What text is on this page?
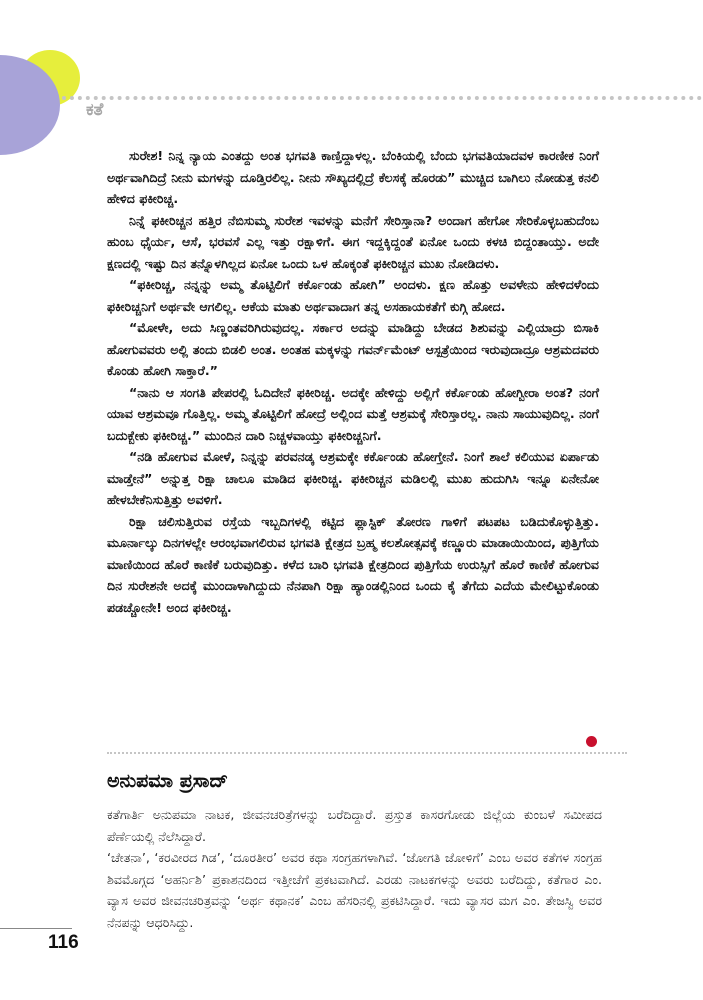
ಕತೆ

ಸುರೇಶ! ನಿನ್ನ ನ್ಯಾಯ ಎಂತದ್ದು ಅಂತ ಭಗವತಿ ಕಾಣ್ತಿದ್ದಾಳಲ್ಲ. ಬೆಂಕಿಯಲ್ಲಿ ಬೆಂದು ಭಗವತಿಯಾದವಳ ಕಾರಣೀಕ ನಿಂಗೆ ಅರ್ಥವಾಗಿದಿದ್ರೆ ನೀನು ಮಗಳನ್ನು ದೂಡ್ತಿರಲಿಲ್ಲ. ನೀನು ಸೌಖ್ಯದಲ್ಲಿದ್ರೆ ಕೆಲಸಕ್ಕೆ ಹೊರಡು” ಮುಚ್ಚಿದ ಬಾಗಿಲು ನೋಡುತ್ತ ಕನಲಿ ಹೇಳಿದ ಫಕೀರಿಚ್ಚ.

ನಿನ್ನೆ ಫಕೀರಿಚ್ಚನ ಹತ್ತಿರ ನೆಬಿಸುಮ್ಮ ಸುರೇಶ ಇವಳನ್ನು ಮನೆಗೆ ಸೇರಿಸ್ತಾನಾ? ಅಂದಾಗ ಹೇಗೋ ಸೇರಿಕೊಳ್ಳಬಹುದೆಂಬ ಹುಂಬ ಧೈರ್ಯ, ಆಸೆ, ಭರವಸೆ ಎಲ್ಲ ಇತ್ತು ರಕ್ಷಾಳಿಗೆ. ಈಗ ಇದ್ದಕ್ಕಿದ್ದಂತೆ ಏನೋ ಒಂದು ಕಳಚಿ ಬಿದ್ದಂತಾಯ್ತು. ಅದೇ ಕ್ಷಣದಲ್ಲಿ ಇಷ್ಟು ದಿನ ತನ್ನೊಳಗಿಲ್ಲದ ಏನೋ ಒಂದು ಒಳ ಹೊಕ್ಕಂತೆ ಫಕೀರಿಚ್ಚನ ಮುಖ ನೋಡಿದಳು.

“ಫಕೀರಿಚ್ಚ, ನನ್ನನ್ನು ಅಮ್ಮ ತೊಟ್ಟಿಲಿಗೆ ಕರ್ಕೊಂಡು ಹೋಗಿ” ಅಂದಳು. ಕ್ಷಣ ಹೊತ್ತು ಅವಳೇನು ಹೇಳಿದಳೆಂದು ಫಕೀರಿಚ್ಚನಿಗೆ ಅರ್ಥವೇ ಆಗಲಿಲ್ಲ. ಆಕೆಯ ಮಾತು ಅರ್ಥವಾದಾಗ ತನ್ನ ಅಸಹಾಯಕತೆಗೆ ಕುಗ್ಗಿ ಹೋದ.

“ಮೋಳೇ, ಅದು ಸಿಣ್ಣಂತವರಿಗಿರುವುದಲ್ಲ. ಸರ್ಕಾರ ಅದನ್ನು ಮಾಡಿದ್ದು ಬೇಡದ ಶಿಶುವನ್ನು ಎಲ್ಲಿಯಾದ್ರು ಬಿಸಾಕಿ ಹೋಗುವವರು ಅಲ್ಲಿ ತಂದು ಬಿಡಲಿ ಅಂತ. ಅಂತಹ ಮಕ್ಕಳನ್ನು ಗವರ್ನ್‌ಮೆಂಟ್ ಆಸ್ಪತ್ರೆಯಿಂದ ಇರುವುದಾದ್ರೂ ಆಶ್ರಮದವರು ಕೊಂಡು ಹೋಗಿ ಸಾಕ್ತಾರೆ.”

“ನಾನು ಆ ಸಂಗತಿ ಪೇಪರಲ್ಲಿ ಓದಿದೇನೆ ಫಕೀರಿಚ್ಚ. ಅದಕ್ಕೇ ಹೇಳಿದ್ದು ಅಲ್ಲಿಗೆ ಕರ್ಕೊಂಡು ಹೋಗ್ಬೀರಾ ಅಂತ? ನಂಗೆ ಯಾವ ಆಶ್ರಮವೂ ಗೊತ್ತಿಲ್ಲ. ಅಮ್ಮ ತೊಟ್ಟಿಲಿಗೆ ಹೋದ್ರೆ ಅಲ್ಲಿಂದ ಮತ್ತೆ ಆಶ್ರಮಕ್ಕೆ ಸೇರಿಸ್ತಾರಲ್ಲ. ನಾನು ಸಾಯುವುದಿಲ್ಲ. ನಂಗೆ ಬದುಕ್ಬೇಕು ಫಕೀರಿಚ್ಚ.” ಮುಂದಿನ ದಾರಿ ನಿಚ್ಚಳವಾಯ್ತು ಫಕೀರಿಚ್ಚನಿಗೆ.

“ನಡಿ ಹೋಗುವ ಮೋಳೆ, ನಿನ್ನನ್ನು ಪರವನಡ್ಕ ಆಶ್ರಮಕ್ಕೇ ಕರ್ಕೊಂಡು ಹೋಗ್ತೇನೆ. ನಿಂಗೆ ಶಾಲೆ ಕಲಿಯುವ ಏರ್ಪಾಡು ಮಾಡ್ತೇನೆ” ಅನ್ನುತ್ತ ರಿಕ್ಷಾ ಚಾಲೂ ಮಾಡಿದ ಫಕೀರಿಚ್ಚ. ಫಕೀರಿಚ್ಚನ ಮಡಿಲಲ್ಲಿ ಮುಖ ಹುದುಗಿಸಿ ಇನ್ನೂ ಏನೇನೋ ಹೇಳಬೇಕೆನಿಸುತ್ತಿತ್ತು ಅವಳಿಗೆ.

ರಿಕ್ಷಾ ಚಲಿಸುತ್ತಿರುವ ರಸ್ತೆಯ ಇಬ್ಬದಿಗಳಲ್ಲಿ ಕಟ್ಟಿದ ಪ್ಲಾಸ್ಟಿಕ್ ತೋರಣ ಗಾಳಿಗೆ ಪಟಪಟ ಬಡಿದುಕೊಳ್ಳುತ್ತಿತ್ತು. ಮೂರ್ನಾಲ್ಕು ದಿನಗಳಲ್ಲೇ ಆರಂಭವಾಗಲಿರುವ ಭಗವತಿ ಕ್ಷೇತ್ರದ ಬ್ರಹ್ಮ ಕಲಶೋತ್ಸವಕ್ಕೆ ಕಣ್ಣೂರು ಮಾಡಾಯಿಯಿಂದ, ಪುತ್ತಿಗೆಯ ಮಾಣಿಯಿಂದ ಹೊರೆ ಕಾಣಿಕೆ ಬರುವುದಿತ್ತು. ಕಳೆದ ಬಾರಿ ಭಗವತಿ ಕ್ಷೇತ್ರದಿಂದ ಪುತ್ತಿಗೆಯ ಉರುಸ್ಸಿಗೆ ಹೊರೆ ಕಾಣಿಕೆ ಹೋಗುವ ದಿನ ಸುರೇಶನೇ ಅದಕ್ಕೆ ಮುಂದಾಳಾಗಿದ್ದುದು ನೆನಪಾಗಿ ರಿಕ್ಷಾ ಹ್ಯಾಂಡಲ್ಲಿನಿಂದ ಒಂದು ಕೈ ತೆಗೆದು ಎದೆಯ ಮೇಲಿಟ್ಟುಕೊಂಡು ಪಡಚ್ಚೋನೇ! ಅಂದ ಫಕೀರಿಚ್ಚ.

ಅನುಪಮಾ ಪ್ರಸಾದ್

ಕತೆಗಾರ್ತಿ ಅನುಪಮಾ ನಾಟಕ, ಜೀವನಚರಿತ್ರೆಗಳನ್ನು ಬರೆದಿದ್ದಾರೆ. ಪ್ರಸ್ತುತ ಕಾಸರಗೋಡು ಜಿಲ್ಲೆಯ ಕುಂಬಳೆ ಸಮೀಪದ ಪೆರ್ಣೆಯಲ್ಲಿ ನೆಲೆಸಿದ್ದಾರೆ.

‘ಚೇತನಾ’, ‘ಕರವೀರದ ಗಿಡ’, ‘ದೂರತೀರ’ ಅವರ ಕಥಾ ಸಂಗ್ರಹಗಳಾಗಿವೆ. ‘ಜೋಗತಿ ಜೋಳಿಗೆ’ ಎಂಬ ಅವರ ಕತೆಗಳ ಸಂಗ್ರಹ ಶಿವಮೊಗ್ಗದ ‘ಅಹರ್ನಿಶಿ’ ಪ್ರಕಾಶನದಿಂದ ಇತ್ತೀಚೆಗೆ ಪ್ರಕಟವಾಗಿದೆ. ಎರಡು ನಾಟಕಗಳನ್ನು ಅವರು ಬರೆದಿದ್ದು, ಕತೆಗಾರ ಎಂ. ವ್ಯಾಸ ಅವರ ಜೀವನಚರಿತ್ರವನ್ನು ‘ಅರ್ಥ ಕಥಾನಕ’ ಎಂಬ ಹೆಸರಿನಲ್ಲಿ ಪ್ರಕಟಿಸಿದ್ದಾರೆ. ಇದು ವ್ಯಾಸರ ಮಗ ಎಂ. ತೇಜಸ್ವಿ ಅವರ ನೆನಪನ್ನು ಆಧರಿಸಿದ್ದು.

116
